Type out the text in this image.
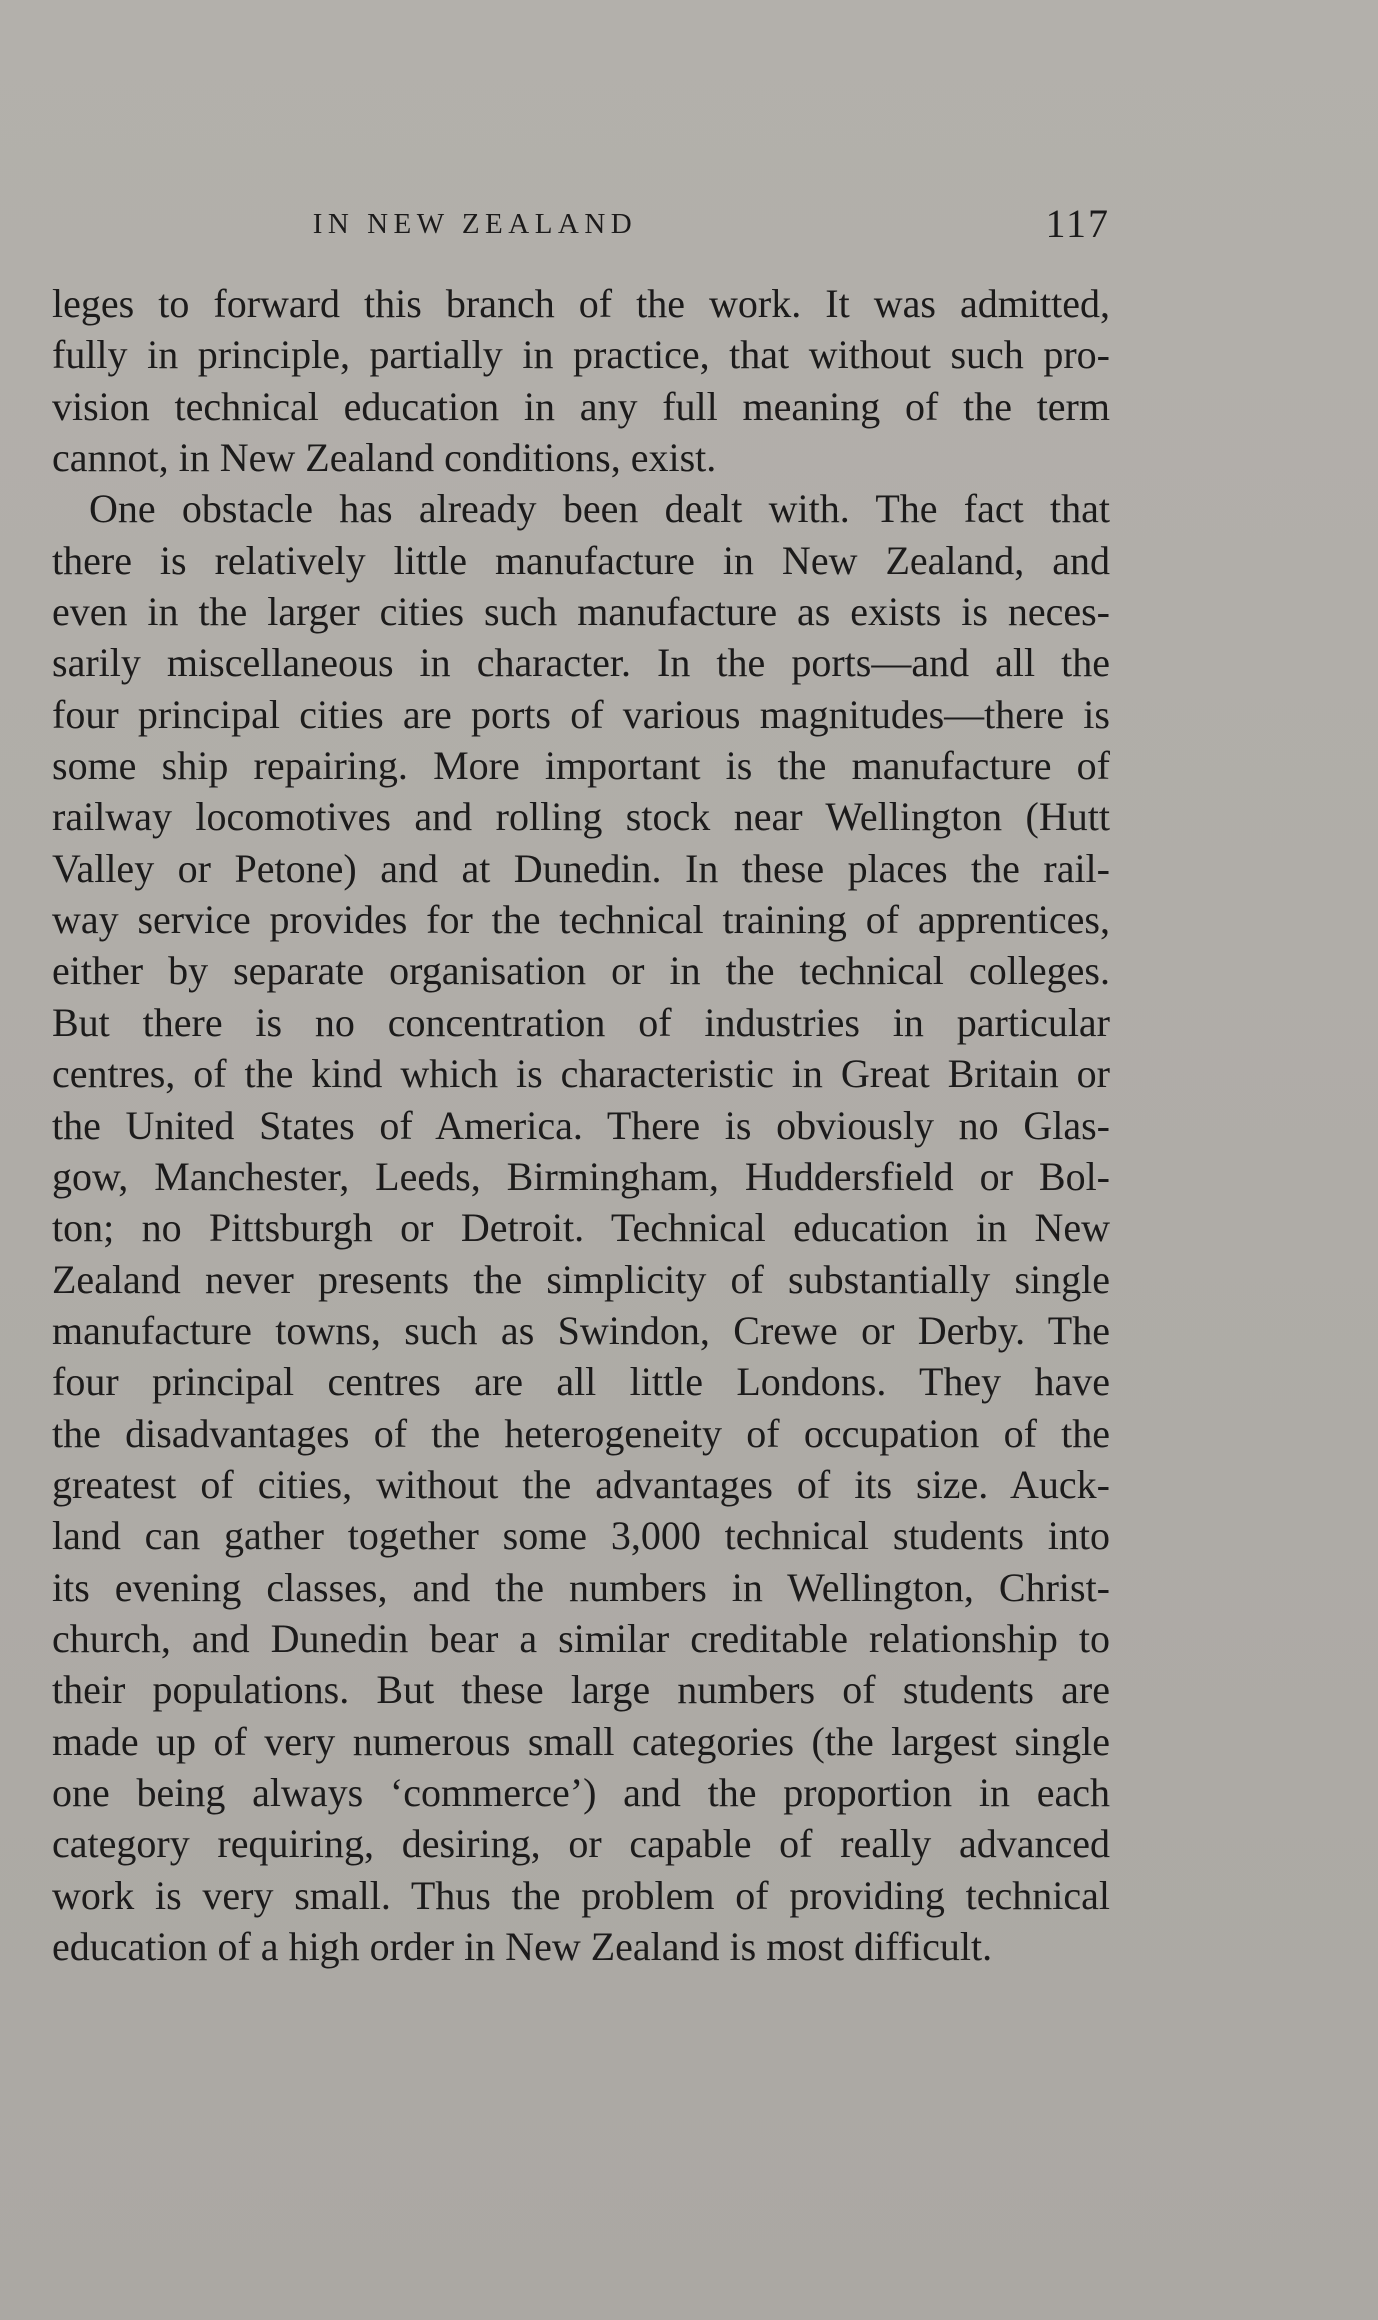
IN NEW ZEALAND	117
leges to forward this branch of the work. It was admitted,
fully in principle, partially in practice, that without such pro-
vision technical education in any full meaning of the term
cannot, in New Zealand conditions, exist.
One obstacle has already been dealt with. The fact that
there is relatively little manufacture in New Zealand, and
even in the larger cities such manufacture as exists is neces-
sarily miscellaneous in character. In the ports—and all the
four principal cities are ports of various magnitudes—there is
some ship repairing. More important is the manufacture of
railway locomotives and rolling stock near Wellington (Hutt
Valley or Petone) and at Dunedin. In these places the rail-
way service provides for the technical training of apprentices,
either by separate organisation or in the technical colleges.
But there is no concentration of industries in particular
centres, of the kind which is characteristic in Great Britain or
the United States of America. There is obviously no Glas-
gow, Manchester, Leeds, Birmingham, Huddersfield or Bol-
ton; no Pittsburgh or Detroit. Technical education in New
Zealand never presents the simplicity of substantially single
manufacture towns, such as Swindon, Crewe or Derby. The
four principal centres are all little Londons. They have
the disadvantages of the heterogeneity of occupation of the
greatest of cities, without the advantages of its size. Auck-
land can gather together some 3,000 technical students into
its evening classes, and the numbers in Wellington, Christ-
church, and Dunedin bear a similar creditable relationship to
their populations. But these large numbers of students are
made up of very numerous small categories (the largest single
one being always ‘commerce’) and the proportion in each
category requiring, desiring, or capable of really advanced
work is very small. Thus the problem of providing technical
education of a high order in New Zealand is most difficult.
